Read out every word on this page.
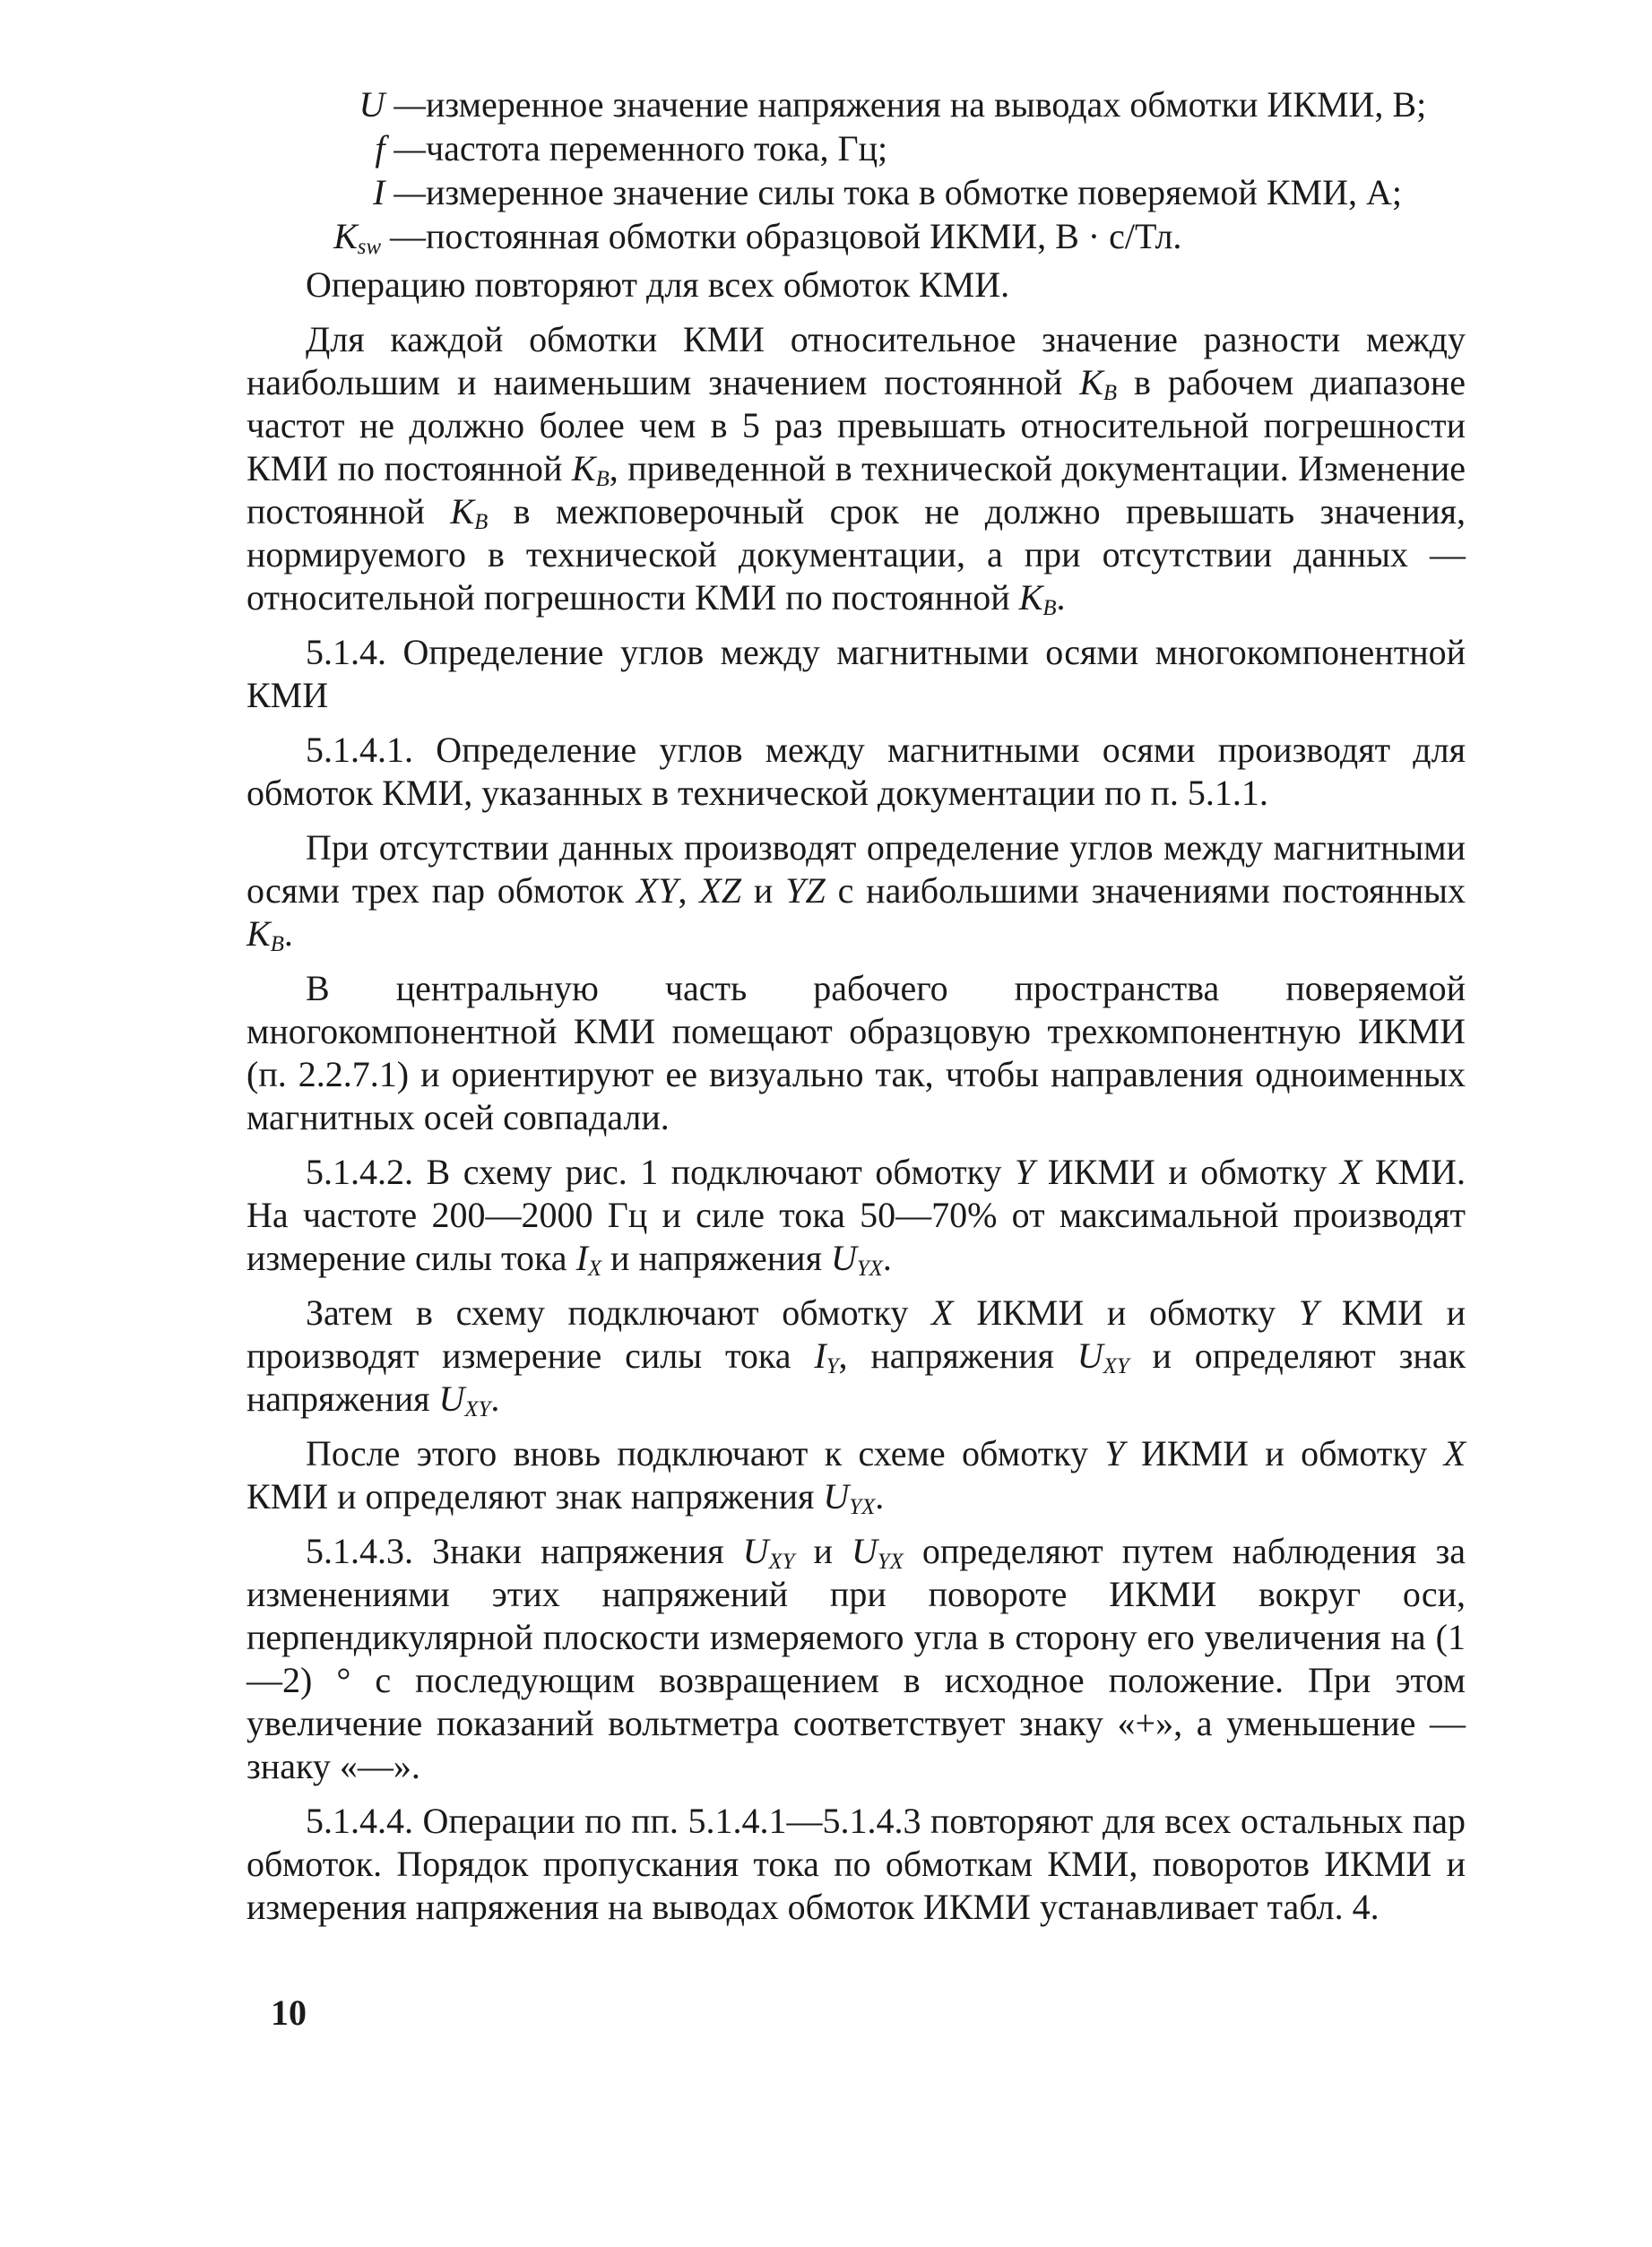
U — измеренное значение напряжения на выводах обмотки ИКМИ, В;
f — частота переменного тока, Гц;
I — измеренное значение силы тока в обмотке поверяемой КМИ, А;
$K_{sw}$ — постоянная обмотки образцовой ИКМИ, В · с/Тл.

Операцию повторяют для всех обмоток КМИ.

Для каждой обмотки КМИ относительное значение разности между наибольшим и наименьшим значением постоянной $K_B$ в рабочем диапазоне частот не должно более чем в 5 раз превышать относительной погрешности КМИ по постоянной $K_B$, приведенной в технической документации. Изменение постоянной $K_B$ в межповерочный срок не должно превышать значения, нормируемого в технической документации, а при отсутствии данных — относительной погрешности КМИ по постоянной $K_B$.

5.1.4. Определение углов между магнитными осями многокомпонентной КМИ

5.1.4.1. Определение углов между магнитными осями производят для обмоток КМИ, указанных в технической документации по п. 5.1.1.

При отсутствии данных производят определение углов между магнитными осями трех пар обмоток XY, XZ и YZ с наибольшими значениями постоянных $K_B$.

В центральную часть рабочего пространства поверяемой многокомпонентной КМИ помещают образцовую трехкомпонентную ИКМИ (п. 2.2.7.1) и ориентируют ее визуально так, чтобы направления одноименных магнитных осей совпадали.

5.1.4.2. В схему рис. 1 подключают обмотку Y ИКМИ и обмотку X КМИ. На частоте 200—2000 Гц и силе тока 50—70% от максимальной производят измерение силы тока $I_X$ и напряжения $U_{YX}$.

Затем в схему подключают обмотку X ИКМИ и обмотку Y КМИ и производят измерение силы тока $I_Y$, напряжения $U_{XY}$ и определяют знак напряжения $U_{XY}$.

После этого вновь подключают к схеме обмотку Y ИКМИ и обмотку X КМИ и определяют знак напряжения $U_{YX}$.

5.1.4.3. Знаки напряжения $U_{XY}$ и $U_{YX}$ определяют путем наблюдения за изменениями этих напряжений при повороте ИКМИ вокруг оси, перпендикулярной плоскости измеряемого угла в сторону его увеличения на (1—2) ° с последующим возвращением в исходное положение. При этом увеличение показаний вольтметра соответствует знаку «+», а уменьшение — знаку «—».

5.1.4.4. Операции по пп. 5.1.4.1—5.1.4.3 повторяют для всех остальных пар обмоток. Порядок пропускания тока по обмоткам КМИ, поворотов ИКМИ и измерения напряжения на выводах обмоток ИКМИ устанавливает табл. 4.

10
